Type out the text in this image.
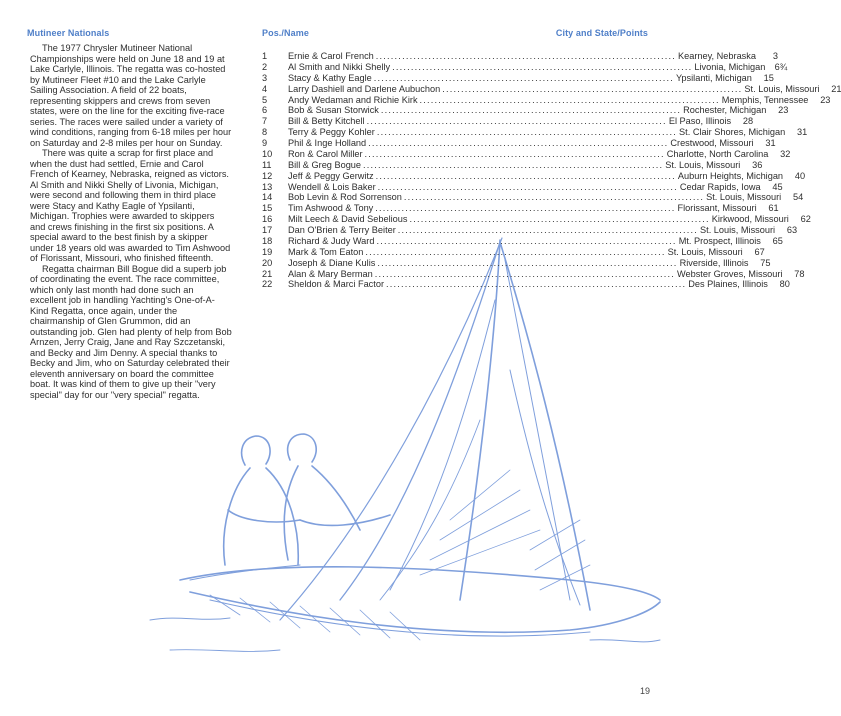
Mutineer Nationals	Pos./Name	City and State/Points

The 1977 Chrysler Mutineer National Championships were held on June 18 and 19 at Lake Carlyle, Illinois. The regatta was co-hosted by Mutineer Fleet #10 and the Lake Carlyle Sailing Association. A field of 22 boats, representing skippers and crews from seven states, were on the line for the exciting five-race series. The races were sailed under a variety of wind conditions, ranging from 6-18 miles per hour on Saturday and 2-8 miles per hour on Sunday.

There was quite a scrap for first place and when the dust had settled, Ernie and Carol French of Kearney, Nebraska, reigned as victors. Al Smith and Nikki Shelly of Livonia, Michigan, were second and following them in third place were Stacy and Kathy Eagle of Ypsilanti, Michigan. Trophies were awarded to skippers and crews finishing in the first six positions. A special award to the best finish by a skipper under 18 years old was awarded to Tim Ashwood of Florissant, Missouri, who finished fifteenth.

Regatta chairman Bill Bogue did a superb job of coordinating the event. The race committee, which only last month had done such an excellent job in handling Yachting's One-of-A-Kind Regatta, once again, under the chairmanship of Glen Grummon, did an outstanding job. Glen had plenty of help from Bob Arnzen, Jerry Craig, Jane and Ray Szczetanski, and Becky and Jim Denny. A special thanks to Becky and Jim, who on Saturday celebrated their eleventh anniversary on board the committee boat. It was kind of them to give up their "very special" day for our "very special" regatta.

1	Ernie & Carol French ................................................................................ Kearney, Nebraska	3
2	Al Smith and Nikki Shelly ................................................................................ Livonia, Michigan	6¾
3	Stacy & Kathy Eagle ................................................................................ Ypsilanti, Michigan	15
4	Larry Dashiell and Darlene Aubuchon ................................................................................ St. Louis, Missouri	21
5	Andy Wedaman and Richie Kirk ................................................................................ Memphis, Tennessee	23
6	Bob & Susan Storwick ................................................................................ Rochester, Michigan	23
7	Bill & Betty Kitchell ................................................................................ El Paso, Illinois	28
8	Terry & Peggy Kohler ................................................................................ St. Clair Shores, Michigan	31
9	Phil & Inge Holland ................................................................................ Crestwood, Missouri	31
10	Ron & Carol Miller ................................................................................ Charlotte, North Carolina	32
11	Bill & Greg Bogue ................................................................................ St. Louis, Missouri	36
12	Jeff & Peggy Gerwitz ................................................................................ Auburn Heights, Michigan	40
13	Wendell & Lois Baker ................................................................................ Cedar Rapids, Iowa	45
14	Bob Levin & Rod Sorrenson ................................................................................ St. Louis, Missouri	54
15	Tim Ashwood & Tony ................................................................................ Florissant, Missouri	61
16	Milt Leech & David Sebelious ................................................................................ Kirkwood, Missouri	62
17	Dan O'Brien & Terry Beiter ................................................................................ St. Louis, Missouri	63
18	Richard & Judy Ward ................................................................................ Mt. Prospect, Illinois	65
19	Mark & Tom Eaton ................................................................................ St. Louis, Missouri	67
20	Joseph & Diane Kulis ................................................................................ Riverside, Illinois	75
21	Alan & Mary Berman ................................................................................ Webster Groves, Missouri	78
22	Sheldon & Marci Factor ................................................................................ Des Plaines, Illinois	80
19
